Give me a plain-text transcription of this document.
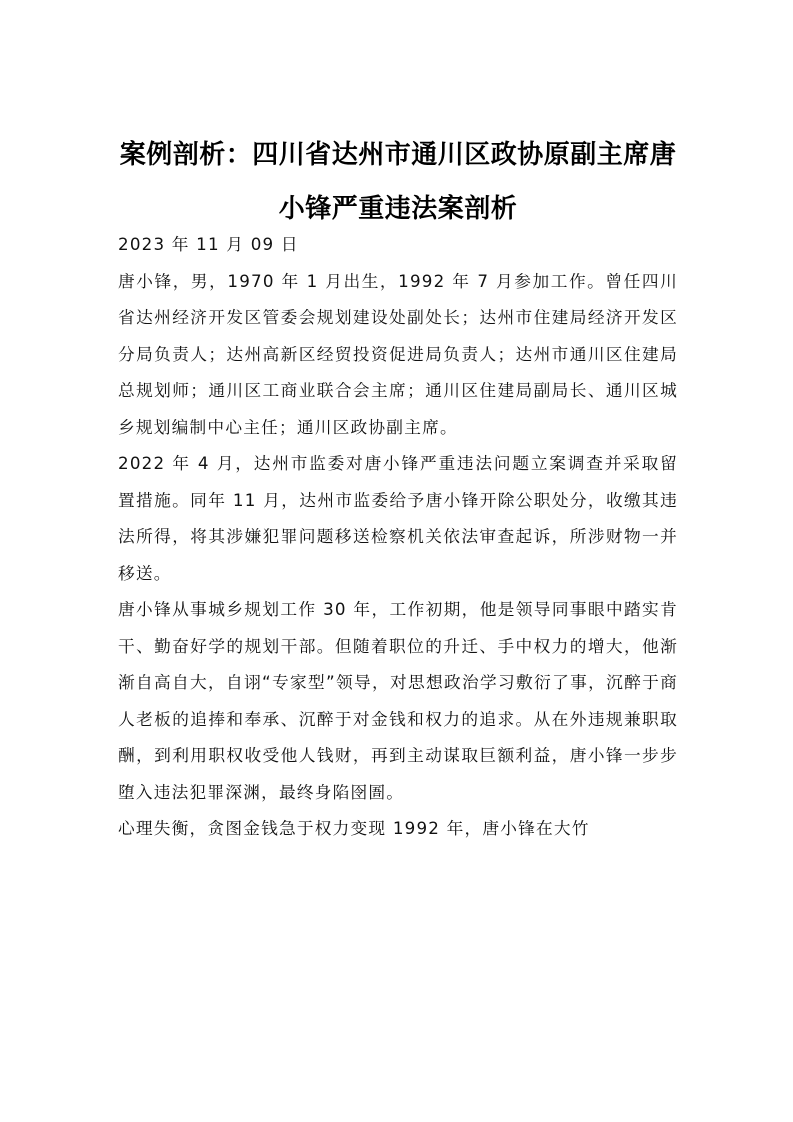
案例剖析：四川省达州市通川区政协原副主席唐小锋严重违法案剖析

2023 年 11 月 09 日

唐小锋，男，1970 年 1 月出生，1992 年 7 月参加工作。曾任四川省达州经济开发区管委会规划建设处副处长；达州市住建局经济开发区分局负责人；达州高新区经贸投资促进局负责人；达州市通川区住建局总规划师；通川区工商业联合会主席；通川区住建局副局长、通川区城乡规划编制中心主任；通川区政协副主席。

2022 年 4 月，达州市监委对唐小锋严重违法问题立案调查并采取留置措施。同年 11 月，达州市监委给予唐小锋开除公职处分，收缴其违法所得，将其涉嫌犯罪问题移送检察机关依法审查起诉，所涉财物一并移送。

唐小锋从事城乡规划工作 30 年，工作初期，他是领导同事眼中踏实肯干、勤奋好学的规划干部。但随着职位的升迁、手中权力的增大，他渐渐自高自大，自诩“专家型”领导，对思想政治学习敷衍了事，沉醉于商人老板的追捧和奉承、沉醉于对金钱和权力的追求。从在外违规兼职取酬，到利用职权收受他人钱财，再到主动谋取巨额利益，唐小锋一步步堕入违法犯罪深渊，最终身陷囹圄。

心理失衡，贪图金钱急于权力变现 1992 年，唐小锋在大竹
